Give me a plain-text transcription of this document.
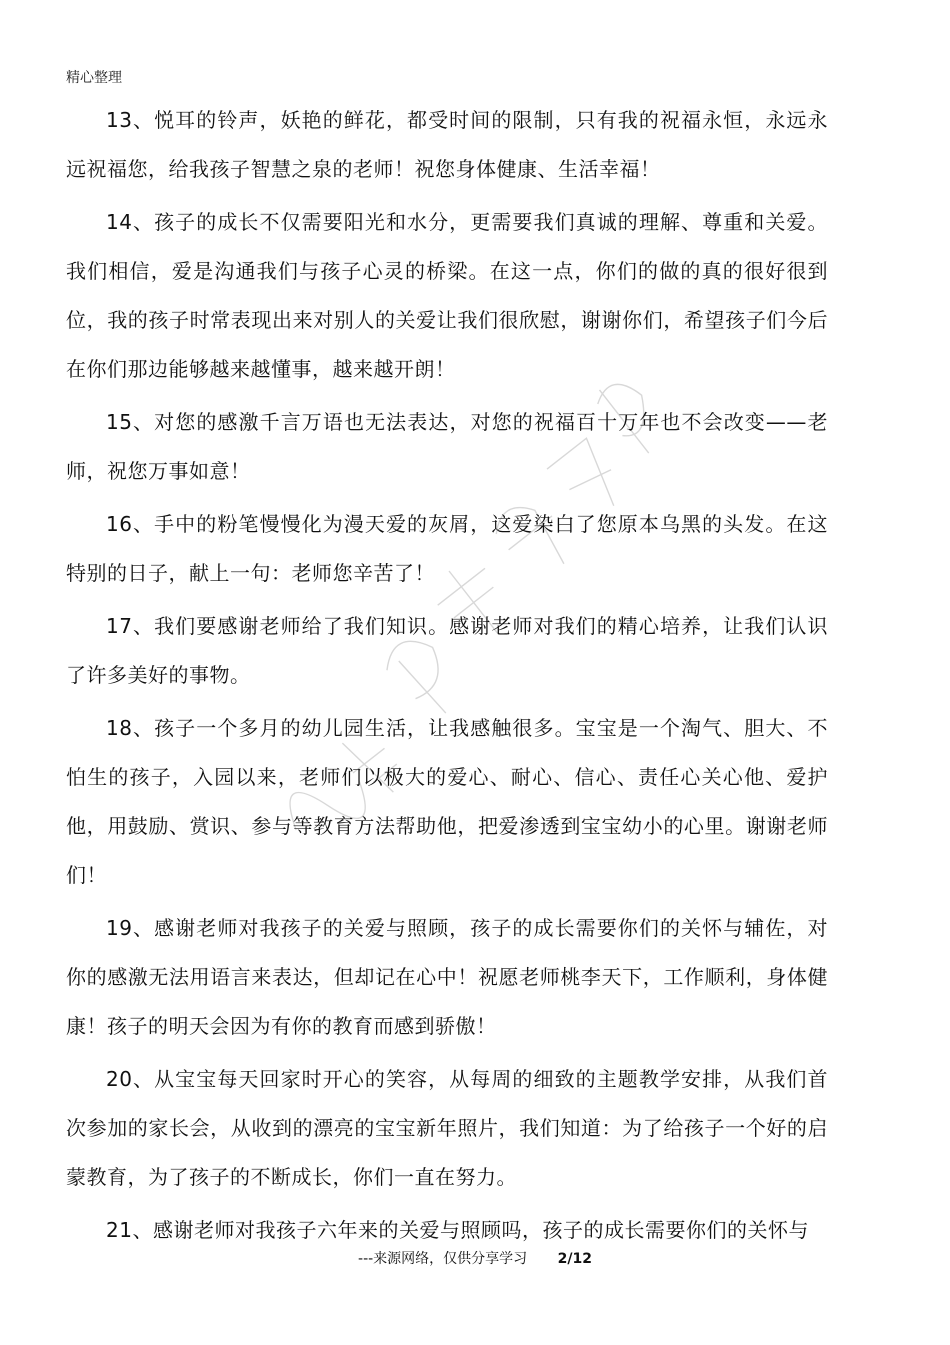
精心整理

13、悦耳的铃声，妖艳的鲜花，都受时间的限制，只有我的祝福永恒，永远永远祝福您，给我孩子智慧之泉的老师！祝您身体健康、生活幸福！

14、孩子的成长不仅需要阳光和水分，更需要我们真诚的理解、尊重和关爱。我们相信，爱是沟通我们与孩子心灵的桥梁。在这一点，你们的做的真的很好很到位，我的孩子时常表现出来对别人的关爱让我们很欣慰，谢谢你们，希望孩子们今后在你们那边能够越来越懂事，越来越开朗！

15、对您的感激千言万语也无法表达，对您的祝福百十万年也不会改变——老师，祝您万事如意！

16、手中的粉笔慢慢化为漫天爱的灰屑，这爱染白了您原本乌黑的头发。在这特别的日子，献上一句：老师您辛苦了！

17、我们要感谢老师给了我们知识。感谢老师对我们的精心培养，让我们认识了许多美好的事物。

18、孩子一个多月的幼儿园生活，让我感触很多。宝宝是一个淘气、胆大、不怕生的孩子，入园以来，老师们以极大的爱心、耐心、信心、责任心关心他、爱护他，用鼓励、赏识、参与等教育方法帮助他，把爱渗透到宝宝幼小的心里。谢谢老师们！

19、感谢老师对我孩子的关爱与照顾，孩子的成长需要你们的关怀与辅佐，对你的感激无法用语言来表达，但却记在心中！祝愿老师桃李天下，工作顺利，身体健康！孩子的明天会因为有你的教育而感到骄傲！

20、从宝宝每天回家时开心的笑容，从每周的细致的主题教学安排，从我们首次参加的家长会，从收到的漂亮的宝宝新年照片，我们知道：为了给孩子一个好的启蒙教育，为了孩子的不断成长，你们一直在努力。

21、感谢老师对我孩子六年来的关爱与照顾吗，孩子的成长需要你们的关怀与

---来源网络，仅供分享学习 2/12
